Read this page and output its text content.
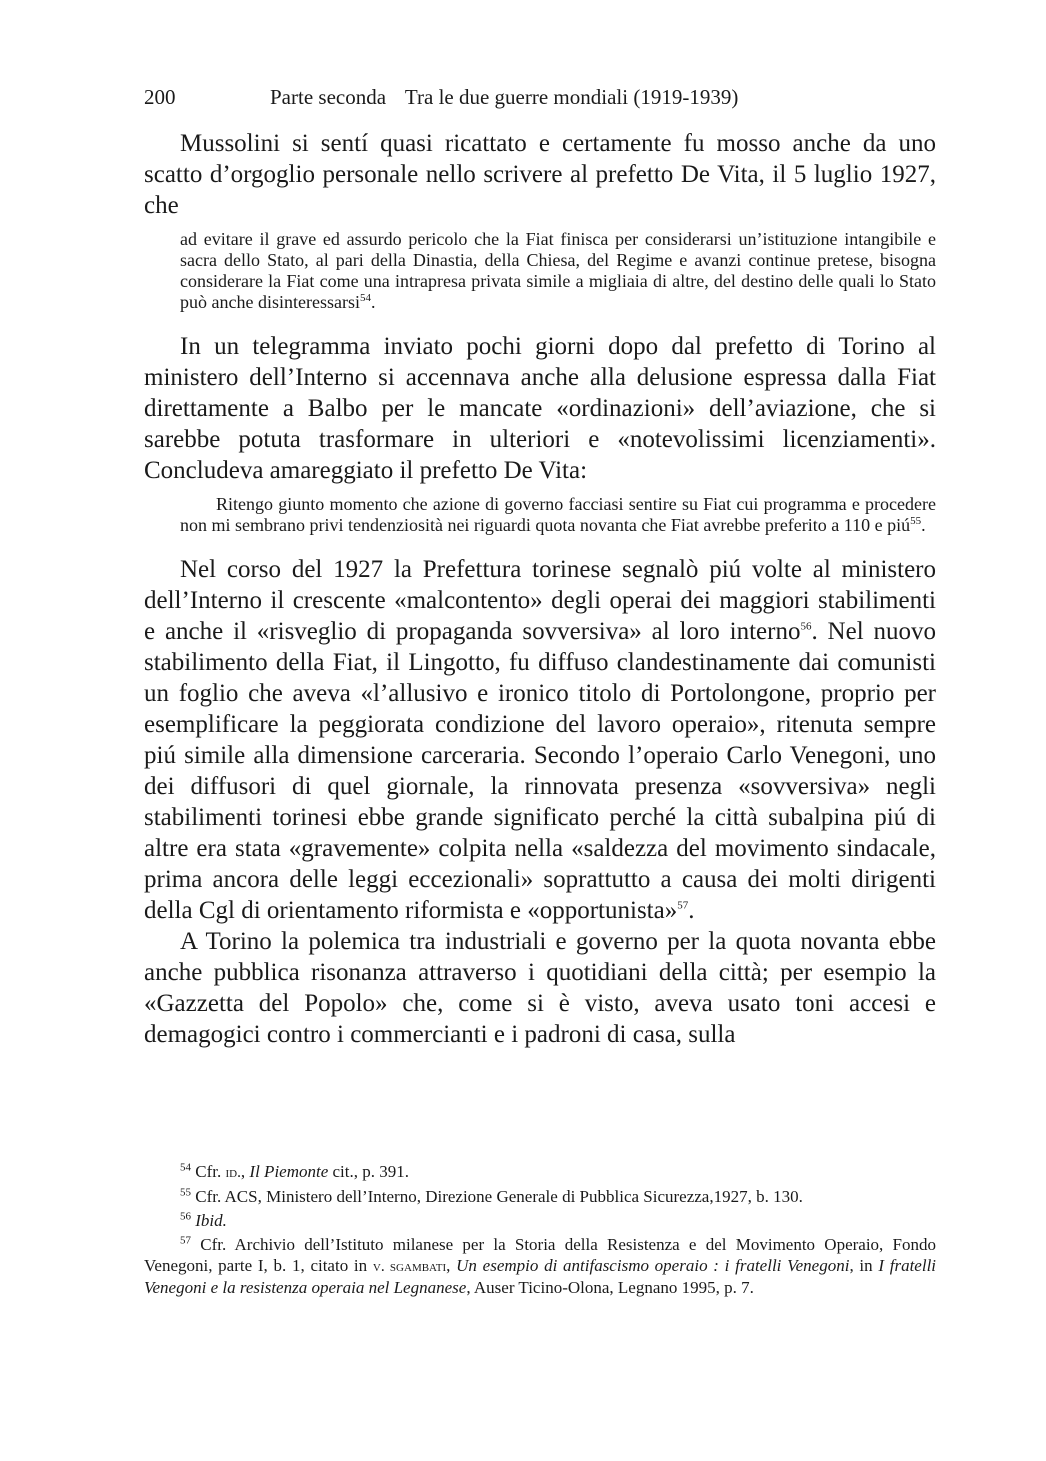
200	Parte seconda Tra le due guerre mondiali (1919-1939)

Mussolini si sentí quasi ricattato e certamente fu mosso anche da uno scatto d’orgoglio personale nello scrivere al prefetto De Vita, il 5 luglio 1927, che

ad evitare il grave ed assurdo pericolo che la Fiat finisca per considerarsi un’istituzione intangibile e sacra dello Stato, al pari della Dinastia, della Chiesa, del Regime e avanzi continue pretese, bisogna considerare la Fiat come una intrapresa privata simile a migliaia di altre, del destino delle quali lo Stato può anche disinteressarsi$^{54}$.

In un telegramma inviato pochi giorni dopo dal prefetto di Torino al ministero dell’Interno si accennava anche alla delusione espressa dalla Fiat direttamente a Balbo per le mancate «ordinazioni» dell’aviazione, che si sarebbe potuta trasformare in ulteriori e «notevolissimi licenziamenti». Concludeva amareggiato il prefetto De Vita:

Ritengo giunto momento che azione di governo facciasi sentire su Fiat cui programma e procedere non mi sembrano privi tendenziosità nei riguardi quota novanta che Fiat avrebbe preferito a 110 e piú$^{55}$.

Nel corso del 1927 la Prefettura torinese segnalò piú volte al ministero dell’Interno il crescente «malcontento» degli operai dei maggiori stabilimenti e anche il «risveglio di propaganda sovversiva» al loro interno$^{56}$. Nel nuovo stabilimento della Fiat, il Lingotto, fu diffuso clandestinamente dai comunisti un foglio che aveva «l’allusivo e ironico titolo di Portolongone, proprio per esemplificare la peggiorata condizione del lavoro operaio», ritenuta sempre piú simile alla dimensione carceraria. Secondo l’operaio Carlo Venegoni, uno dei diffusori di quel giornale, la rinnovata presenza «sovversiva» negli stabilimenti torinesi ebbe grande significato perché la città subalpina piú di altre era stata «gravemente» colpita nella «saldezza del movimento sindacale, prima ancora delle leggi eccezionali» soprattutto a causa dei molti dirigenti della Cgl di orientamento riformista e «opportunista»$^{57}$.

A Torino la polemica tra industriali e governo per la quota novanta ebbe anche pubblica risonanza attraverso i quotidiani della città; per esempio la «Gazzetta del Popolo» che, come si è visto, aveva usato toni accesi e demagogici contro i commercianti e i padroni di casa, sulla

$^{54}$ Cfr. id., Il Piemonte cit., p. 391.

$^{55}$ Cfr. ACS, Ministero dell’Interno, Direzione Generale di Pubblica Sicurezza,1927, b. 130.

$^{56}$ Ibid.

$^{57}$ Cfr. Archivio dell’Istituto milanese per la Storia della Resistenza e del Movimento Operaio, Fondo Venegoni, parte I, b. 1, citato in v. sgambati, Un esempio di antifascismo operaio : i fratelli Venegoni, in I fratelli Venegoni e la resistenza operaia nel Legnanese, Auser Ticino-Olona, Legnano 1995, p. 7.
